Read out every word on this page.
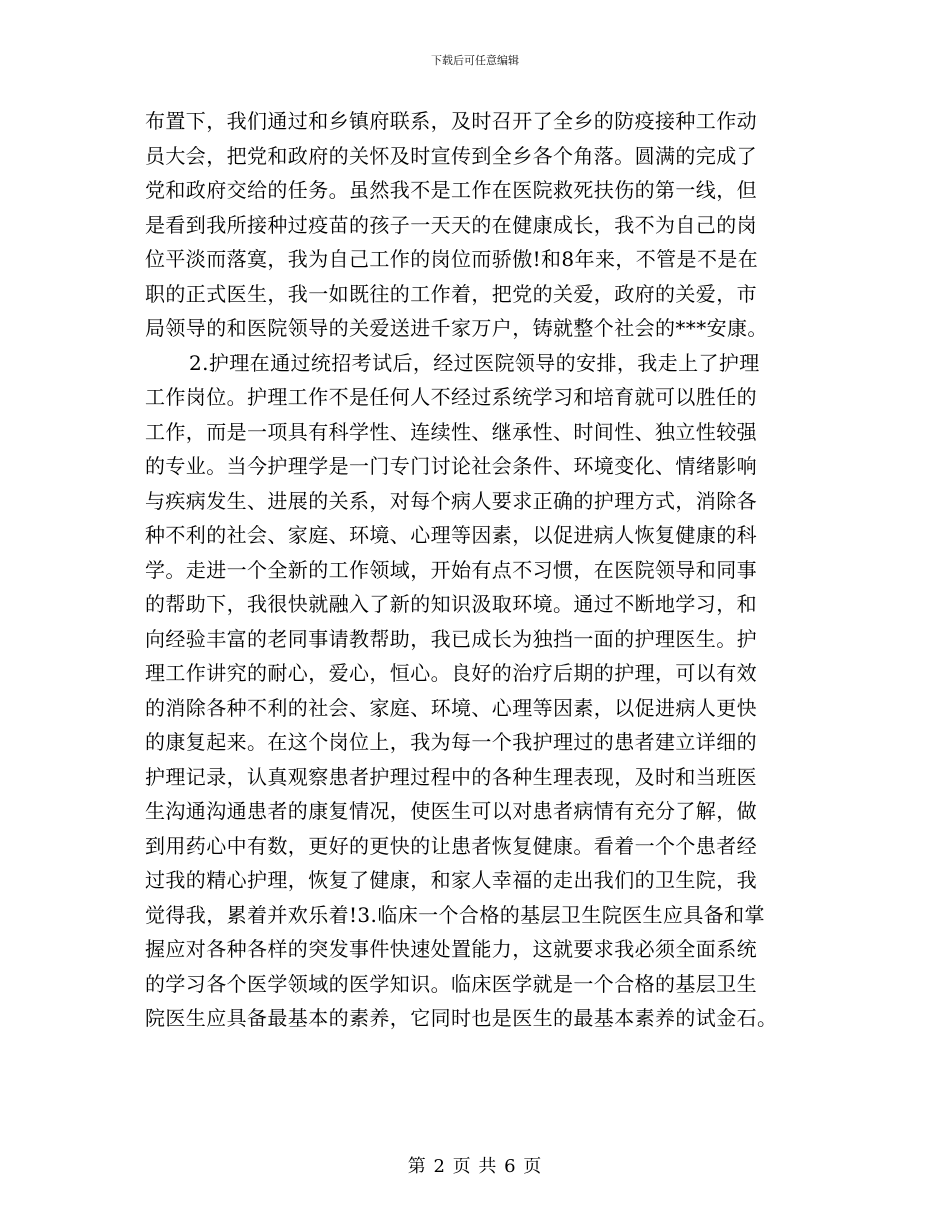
下载后可任意编辑
布置下，我们通过和乡镇府联系，及时召开了全乡的防疫接种工作动
员大会，把党和政府的关怀及时宣传到全乡各个角落。圆满的完成了
党和政府交给的任务。虽然我不是工作在医院救死扶伤的第一线，但
是看到我所接种过疫苗的孩子一天天的在健康成长，我不为自己的岗
位平淡而落寞，我为自己工作的岗位而骄傲!和8年来，不管是不是在
职的正式医生，我一如既往的工作着，把党的关爱，政府的关爱，市
局领导的和医院领导的关爱送进千家万户，铸就整个社会的***安康。
2.护理在通过统招考试后，经过医院领导的安排，我走上了护理
工作岗位。护理工作不是任何人不经过系统学习和培育就可以胜任的
工作，而是一项具有科学性、连续性、继承性、时间性、独立性较强
的专业。当今护理学是一门专门讨论社会条件、环境变化、情绪影响
与疾病发生、进展的关系，对每个病人要求正确的护理方式，消除各
种不利的社会、家庭、环境、心理等因素，以促进病人恢复健康的科
学。走进一个全新的工作领域，开始有点不习惯，在医院领导和同事
的帮助下，我很快就融入了新的知识汲取环境。通过不断地学习，和
向经验丰富的老同事请教帮助，我已成长为独挡一面的护理医生。护
理工作讲究的耐心，爱心，恒心。良好的治疗后期的护理，可以有效
的消除各种不利的社会、家庭、环境、心理等因素，以促进病人更快
的康复起来。在这个岗位上，我为每一个我护理过的患者建立详细的
护理记录，认真观察患者护理过程中的各种生理表现，及时和当班医
生沟通沟通患者的康复情况，使医生可以对患者病情有充分了解，做
到用药心中有数，更好的更快的让患者恢复健康。看着一个个患者经
过我的精心护理，恢复了健康，和家人幸福的走出我们的卫生院，我
觉得我，累着并欢乐着!3.临床一个合格的基层卫生院医生应具备和掌
握应对各种各样的突发事件快速处置能力，这就要求我必须全面系统
的学习各个医学领域的医学知识。临床医学就是一个合格的基层卫生
院医生应具备最基本的素养，它同时也是医生的最基本素养的试金石。
第 2 页 共 6 页
